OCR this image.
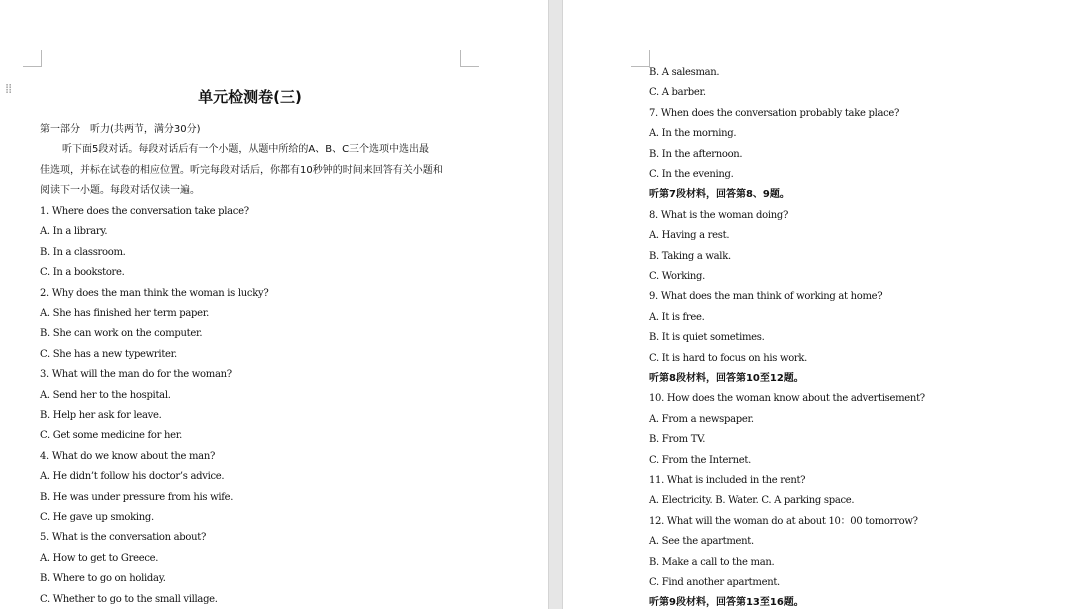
⁞⁞	单元检测卷(三)
第一部分　听力(共两节，满分30分)
听下面5段对话。每段对话后有一个小题，从题中所给的A、B、C三个选项中选出最
佳选项，并标在试卷的相应位置。听完每段对话后，你都有10秒钟的时间来回答有关小题和
阅读下一小题。每段对话仅读一遍。
1. Where does the conversation take place?
A. In a library.
B. In a classroom.
C. In a bookstore.
2. Why does the man think the woman is lucky?
A. She has finished her term paper.
B. She can work on the computer.
C. She has a new typewriter.
3. What will the man do for the woman?
A. Send her to the hospital.
B. Help her ask for leave.
C. Get some medicine for her.
4. What do we know about the man?
A. He didn’t follow his doctor’s advice.
B. He was under pressure from his wife.
C. He gave up smoking.
5. What is the conversation about?
A. How to get to Greece.
B. Where to go on holiday.
C. Whether to go to the small village.
B. A salesman.
C. A barber.
7. When does the conversation probably take place?
A. In the morning.
B. In the afternoon.
C. In the evening.
听第7段材料，回答第8、9题。
8. What is the woman doing?
A. Having a rest.
B. Taking a walk.
C. Working.
9. What does the man think of working at home?
A. It is free.
B. It is quiet sometimes.
C. It is hard to focus on his work.
听第8段材料，回答第10至12题。
10. How does the woman know about the advertisement?
A. From a newspaper.
B. From TV.
C. From the Internet.
11. What is included in the rent?
A. Electricity. B. Water. C. A parking space.
12. What will the woman do at about 10：00 tomorrow?
A. See the apartment.
B. Make a call to the man.
C. Find another apartment.
听第9段材料，回答第13至16题。
